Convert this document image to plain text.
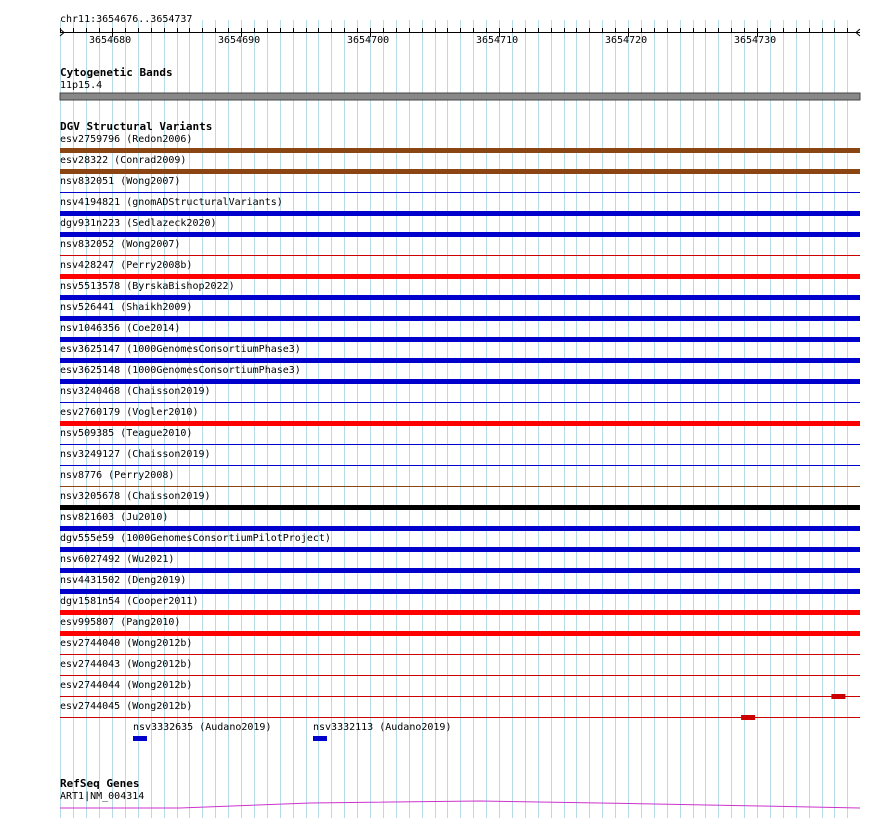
chr11:3654676..3654737
3654680	3654690	3654700	3654710	3654720	3654730
Cytogenetic Bands
11p15.4
DGV Structural Variants
esv2759796 (Redon2006)
esv28322 (Conrad2009)
nsv832051 (Wong2007)
nsv4194821 (gnomADStructuralVariants)
dgv931n223 (Sedlazeck2020)
nsv832052 (Wong2007)
nsv428247 (Perry2008b)
nsv5513578 (ByrskaBishop2022)
nsv526441 (Shaikh2009)
nsv1046356 (Coe2014)
esv3625147 (1000GenomesConsortiumPhase3)
esv3625148 (1000GenomesConsortiumPhase3)
nsv3240468 (Chaisson2019)
esv2760179 (Vogler2010)
nsv509385 (Teague2010)
nsv3249127 (Chaisson2019)
nsv8776 (Perry2008)
nsv3205678 (Chaisson2019)
nsv821603 (Ju2010)
dgv555e59 (1000GenomesConsortiumPilotProject)
nsv6027492 (Wu2021)
nsv4431502 (Deng2019)
dgv1581n54 (Cooper2011)
esv995807 (Pang2010)
esv2744040 (Wong2012b)
esv2744043 (Wong2012b)
esv2744044 (Wong2012b)
esv2744045 (Wong2012b)
nsv3332635 (Audano2019)	nsv3332113 (Audano2019)
RefSeq Genes
ART1|NM_004314
